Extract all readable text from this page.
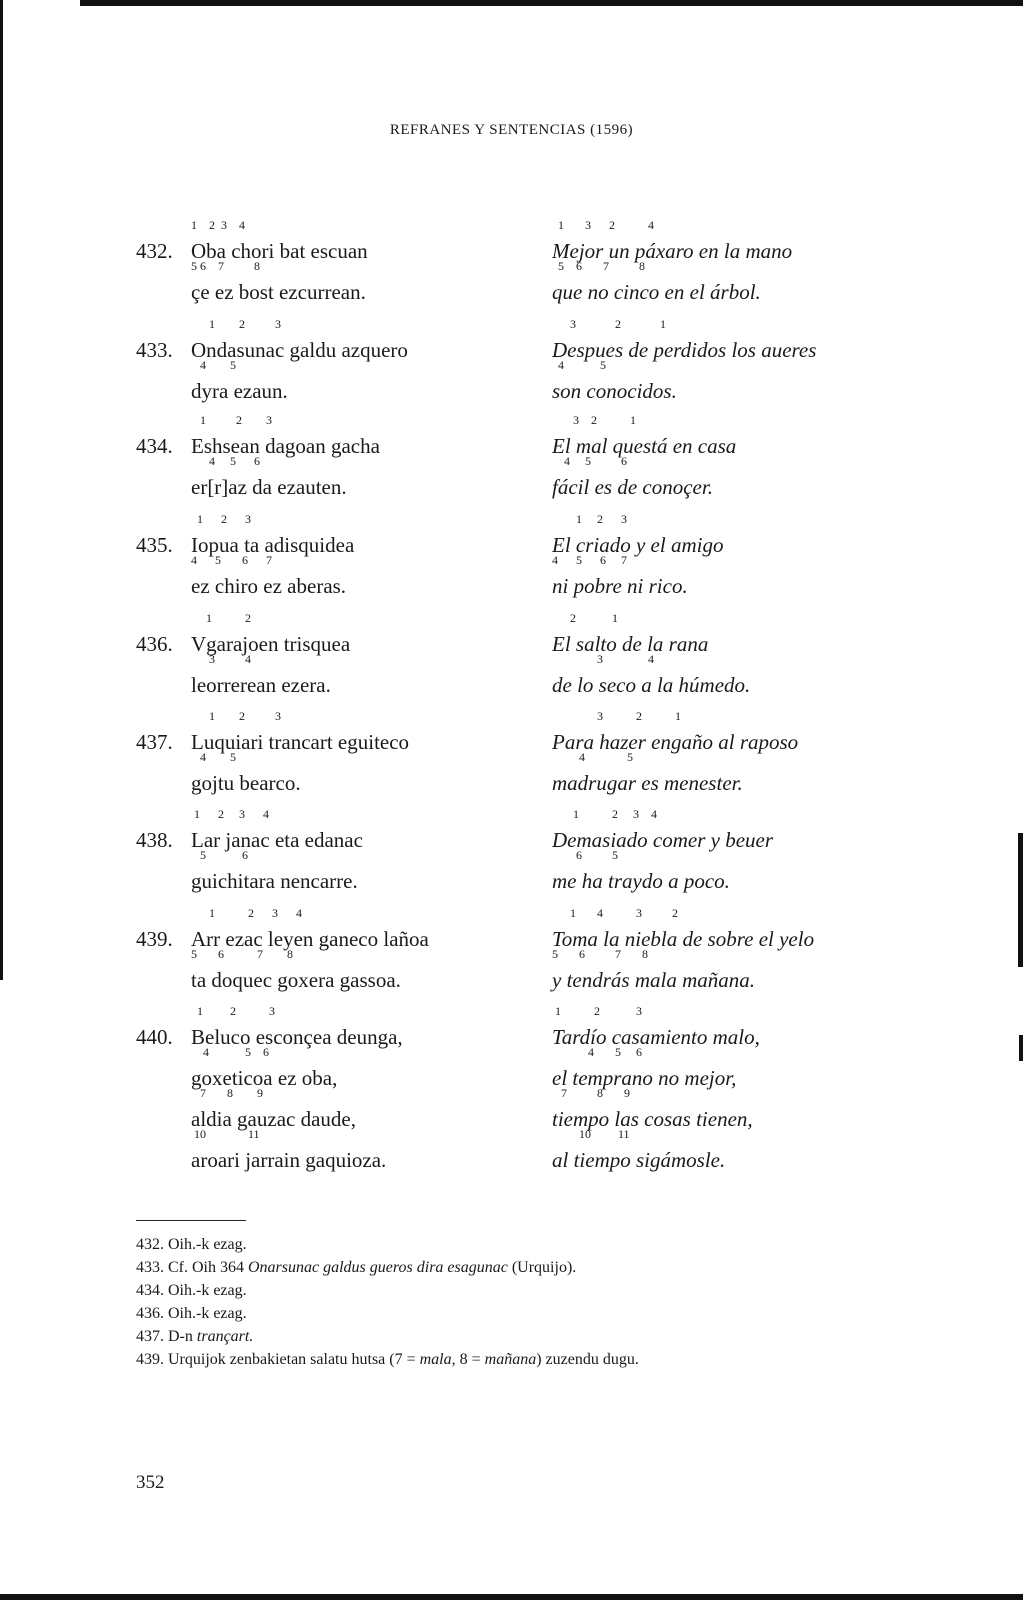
REFRANES Y SENTENCIAS (1596)
432. Oba chori bat escuan
1    2  3    4
çe ez bost ezcurrean.
5 6    7          8
433. Ondasunac galdu azquero
1        2          3
dyra ezaun.
4        5
434. Eshsean dagoan gacha
1          2        3
er[r]az da ezauten.
4     5      6
435. Iopua ta adisquidea
1      2      3
ez chiro ez aberas.
4      5       6      7
436. Vgarajoen trisquea
1           2
leorrerean ezera.
3          4
437. Luquiari trancart eguiteco
1        2          3
gojtu bearco.
4        5
438. Lar janac eta edanac
1      2     3      4
guichitara nencarre.
5            6
439. Arr ezac leyen ganeco lañoa
1           2      3      4
ta doquec goxera gassoa.
5       6           7        8
440. Beluco esconçea deunga,
1         2           3
goxeticoa ez oba,
4            5    6
aldia gauzac daude,
7       8        9
aroari jarrain gaquioza.
10              11
Mejor un páxaro en la mano
1       3      2           4
que no cinco en el árbol.
5    6       7          8
Despues de perdidos los aueres
3             2             1
son conocidos.
4            5
El mal questá en casa
3    2           1
fácil es de conoçer.
4     5          6
El criado y el amigo
1     2      3
ni pobre ni rico.
4      5      6     7
El salto de la rana
2            1
de lo seco a la húmedo.
3               4
Para hazer engaño al raposo
3           2           1
madrugar es menester.
4              5
Demasiado comer y beuer
1           2     3    4
me ha traydo a poco.
6          5
Toma la niebla de sobre el yelo
1       4           3          2
y tendrás mala mañana.
5       6          7       8
Tardío casamiento malo,
1           2            3
el temprano no mejor,
4       5     6
tiempo las cosas tienen,
7          8       9
al tiempo sigámosle.
10         11
432. Oih.-k ezag.
433. Cf. Oih 364 Onarsunac galdus gueros dira esagunac (Urquijo).
434. Oih.-k ezag.
436. Oih.-k ezag.
437. D-n trançart.
439. Urquijok zenbakietan salatu hutsa (7 = mala, 8 = mañana) zuzendu dugu.
352
